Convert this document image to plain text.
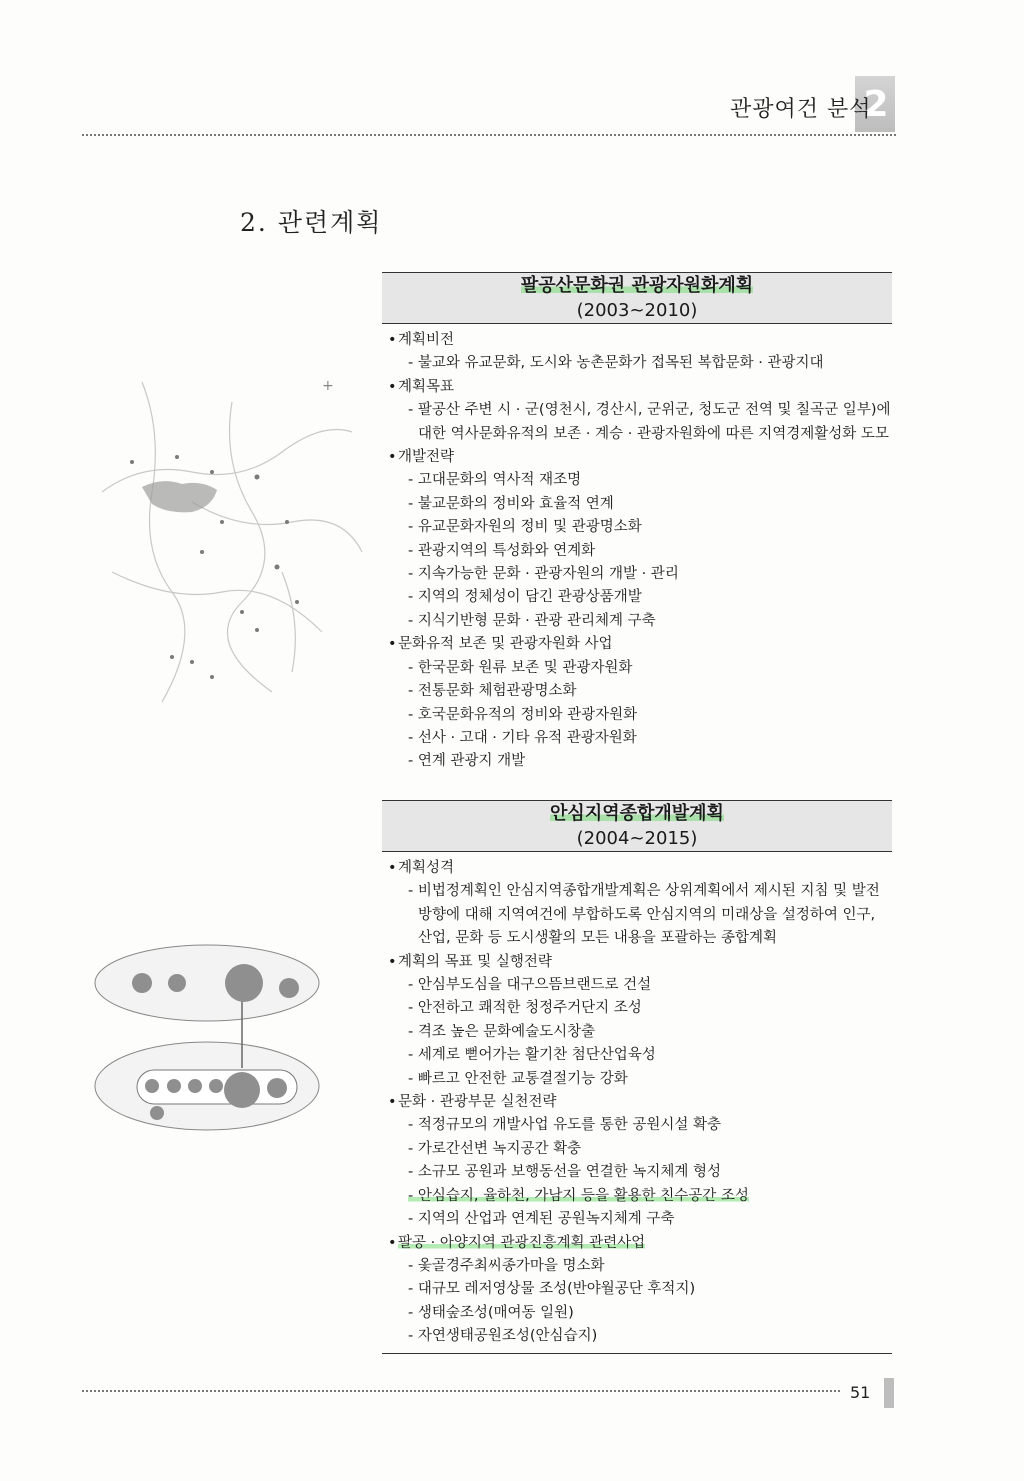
2
관광여건 분석
2. 관련계획
+
팔공산문화권 관광자원화계획
(2003~2010)
• 계획비전
- 불교와 유교문화, 도시와 농촌문화가 접목된 복합문화 · 관광지대
• 계획목표
- 팔공산 주변 시 · 군(영천시, 경산시, 군위군, 청도군 전역 및 칠곡군 일부)에 대한 역사문화유적의 보존 · 계승 · 관광자원화에 따른 지역경제활성화 도모
• 개발전략
- 고대문화의 역사적 재조명
- 불교문화의 정비와 효율적 연계
- 유교문화자원의 정비 및 관광명소화
- 관광지역의 특성화와 연계화
- 지속가능한 문화 · 관광자원의 개발 · 관리
- 지역의 정체성이 담긴 관광상품개발
- 지식기반형 문화 · 관광 관리체계 구축
• 문화유적 보존 및 관광자원화 사업
- 한국문화 원류 보존 및 관광자원화
- 전통문화 체험관광명소화
- 호국문화유적의 정비와 관광자원화
- 선사 · 고대 · 기타 유적 관광자원화
- 연계 관광지 개발
안심지역종합개발계획
(2004~2015)
• 계획성격
- 비법정계획인 안심지역종합개발계획은 상위계획에서 제시된 지침 및 발전방향에 대해 지역여건에 부합하도록 안심지역의 미래상을 설정하여 인구, 산업, 문화 등 도시생활의 모든 내용을 포괄하는 종합계획
• 계획의 목표 및 실행전략
- 안심부도심을 대구으뜸브랜드로 건설
- 안전하고 쾌적한 청정주거단지 조성
- 격조 높은 문화예술도시창출
- 세계로 뻗어가는 활기찬 첨단산업육성
- 빠르고 안전한 교통결절기능 강화
• 문화 · 관광부문 실천전략
- 적정규모의 개발사업 유도를 통한 공원시설 확충
- 가로간선변 녹지공간 확충
- 소규모 공원과 보행동선을 연결한 녹지체계 형성
- 안심습지, 율하천, 가남지 등을 활용한 친수공간 조성
- 지역의 산업과 연계된 공원녹지체계 구축
• 팔공 · 아양지역 관광진흥계획 관련사업
- 옻골경주최씨종가마을 명소화
- 대규모 레저영상물 조성(반야월공단 후적지)
- 생태숲조성(매여동 일원)
- 자연생태공원조성(안심습지)
51
